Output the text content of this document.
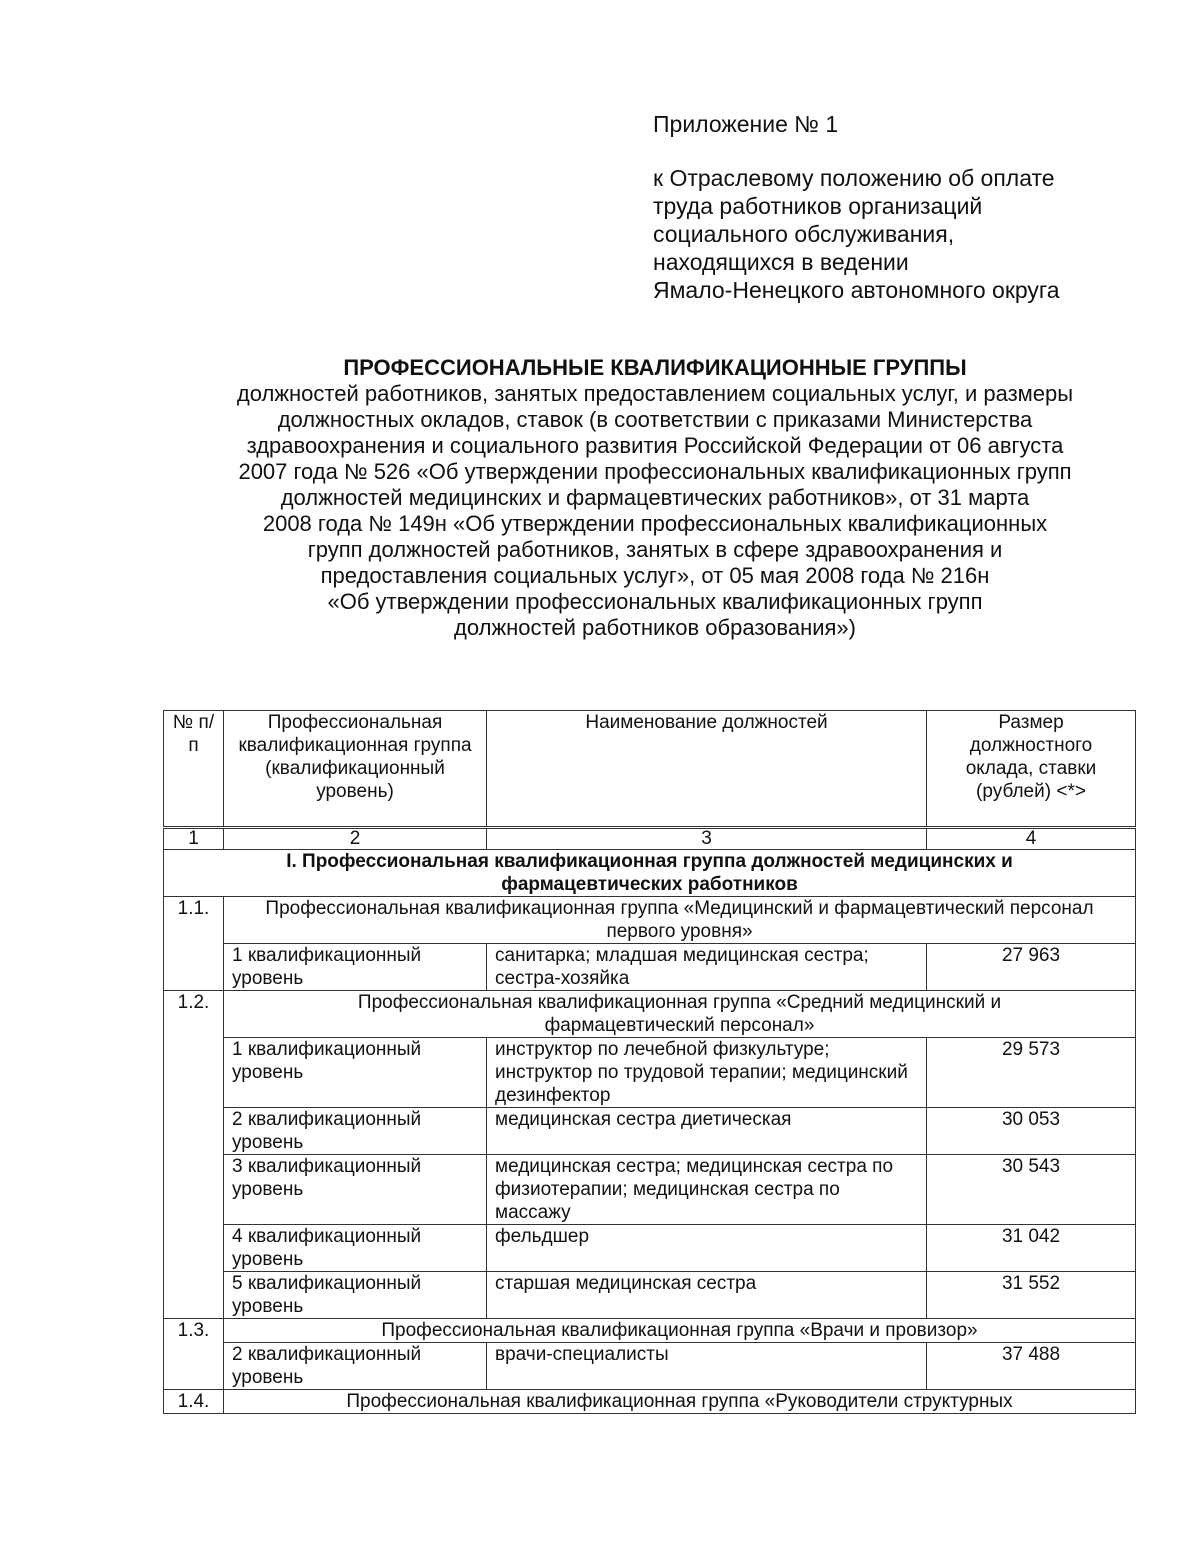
Приложение № 1
к Отраслевому положению об оплате
труда работников организаций
социального обслуживания,
находящихся в ведении
Ямало-Ненецкого автономного округа
ПРОФЕССИОНАЛЬНЫЕ КВАЛИФИКАЦИОННЫЕ ГРУППЫ
должностей работников, занятых предоставлением социальных услуг, и размеры
должностных окладов, ставок (в соответствии с приказами Министерства
здравоохранения и социального развития Российской Федерации от 06 августа
2007 года № 526 «Об утверждении профессиональных квалификационных групп
должностей медицинских и фармацевтических работников», от 31 марта
2008 года № 149н «Об утверждении профессиональных квалификационных
групп должностей работников, занятых в сфере здравоохранения и
предоставления социальных услуг», от 05 мая 2008 года № 216н
«Об утверждении профессиональных квалификационных групп
должностей работников образования»)
№ п/п	Профессиональная квалификационная группа (квалификационный уровень)	Наименование должностей	Размер должностного оклада, ставки (рублей) <*>
1	2	3	4
I. Профессиональная квалификационная группа должностей медицинских и фармацевтических работников			
1.1.	Профессиональная квалификационная группа «Медицинский и фармацевтический персонал первого уровня»		
	1 квалификационный уровень	санитарка; младшая медицинская сестра; сестра-хозяйка	27 963
1.2.	Профессиональная квалификационная группа «Средний медицинский и фармацевтический персонал»		
	1 квалификационный уровень	инструктор по лечебной физкультуре; инструктор по трудовой терапии; медицинский дезинфектор	29 573
	2 квалификационный уровень	медицинская сестра диетическая	30 053
	3 квалификационный уровень	медицинская сестра; медицинская сестра по физиотерапии; медицинская сестра по массажу	30 543
	4 квалификационный уровень	фельдшер	31 042
	5 квалификационный уровень	старшая медицинская сестра	31 552
1.3.	Профессиональная квалификационная группа «Врачи и провизор»		
	2 квалификационный уровень	врачи-специалисты	37 488
1.4.	Профессиональная квалификационная группа «Руководители структурных		
